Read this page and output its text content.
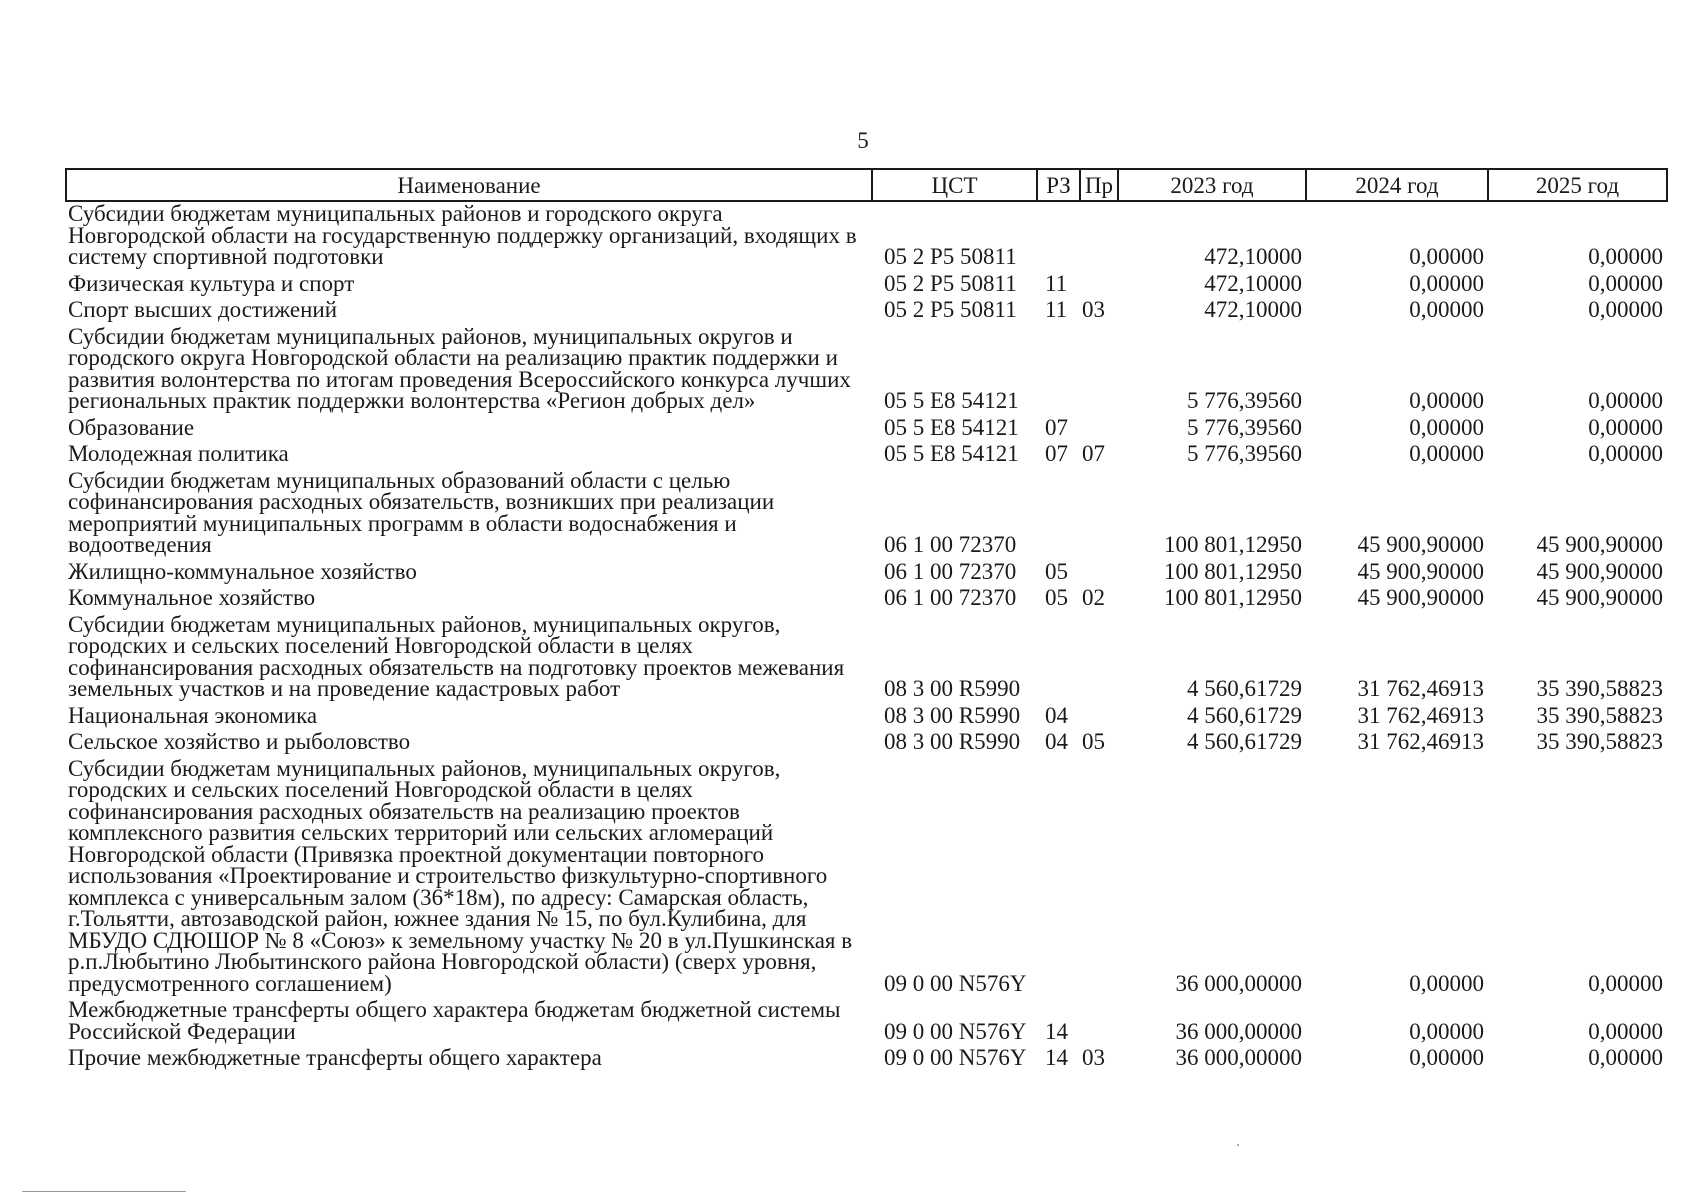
5
Наименование	ЦСТ	РЗ	Пр	2023 год	2024 год	2025 год
Субсидии бюджетам муниципальных районов и городского округа Новгородской области на государственную поддержку организаций, входящих в систему спортивной подготовки	05 2 P5 50811			472,10000	0,00000	0,00000
Физическая культура и спорт	05 2 P5 50811	11		472,10000	0,00000	0,00000
Спорт высших достижений	05 2 P5 50811	11	03	472,10000	0,00000	0,00000
Субсидии бюджетам муниципальных районов, муниципальных округов и городского округа Новгородской области на реализацию практик поддержки и развития волонтерства по итогам проведения Всероссийского конкурса лучших региональных практик поддержки волонтерства «Регион добрых дел»	05 5 E8 54121			5 776,39560	0,00000	0,00000
Образование	05 5 E8 54121	07		5 776,39560	0,00000	0,00000
Молодежная политика	05 5 E8 54121	07	07	5 776,39560	0,00000	0,00000
Субсидии бюджетам муниципальных образований области с целью софинансирования расходных обязательств, возникших при реализации мероприятий муниципальных программ в области водоснабжения и водоотведения	06 1 00 72370			100 801,12950	45 900,90000	45 900,90000
Жилищно-коммунальное хозяйство	06 1 00 72370	05		100 801,12950	45 900,90000	45 900,90000
Коммунальное хозяйство	06 1 00 72370	05	02	100 801,12950	45 900,90000	45 900,90000
Субсидии бюджетам муниципальных районов, муниципальных округов, городских и сельских поселений Новгородской области в целях софинансирования расходных обязательств на подготовку проектов межевания земельных участков и на проведение кадастровых работ	08 3 00 R5990			4 560,61729	31 762,46913	35 390,58823
Национальная экономика	08 3 00 R5990	04		4 560,61729	31 762,46913	35 390,58823
Сельское хозяйство и рыболовство	08 3 00 R5990	04	05	4 560,61729	31 762,46913	35 390,58823
Субсидии бюджетам муниципальных районов, муниципальных округов, городских и сельских поселений Новгородской области в целях софинансирования расходных обязательств на реализацию проектов комплексного развития сельских территорий или сельских агломераций Новгородской области (Привязка проектной документации повторного использования «Проектирование и строительство физкультурно-спортивного комплекса с универсальным залом (36*18м), по адресу: Самарская область, г.Тольятти, автозаводской район, южнее здания № 15, по бул.Кулибина, для МБУДО СДЮШОР № 8 «Союз» к земельному участку № 20 в ул.Пушкинская в р.п.Любытино Любытинского района Новгородской области) (сверх уровня, предусмотренного соглашением)	09 0 00 N576Y			36 000,00000	0,00000	0,00000
Межбюджетные трансферты общего характера бюджетам бюджетной системы Российской Федерации	09 0 00 N576Y	14		36 000,00000	0,00000	0,00000
Прочие межбюджетные трансферты общего характера	09 0 00 N576Y	14	03	36 000,00000	0,00000	0,00000
